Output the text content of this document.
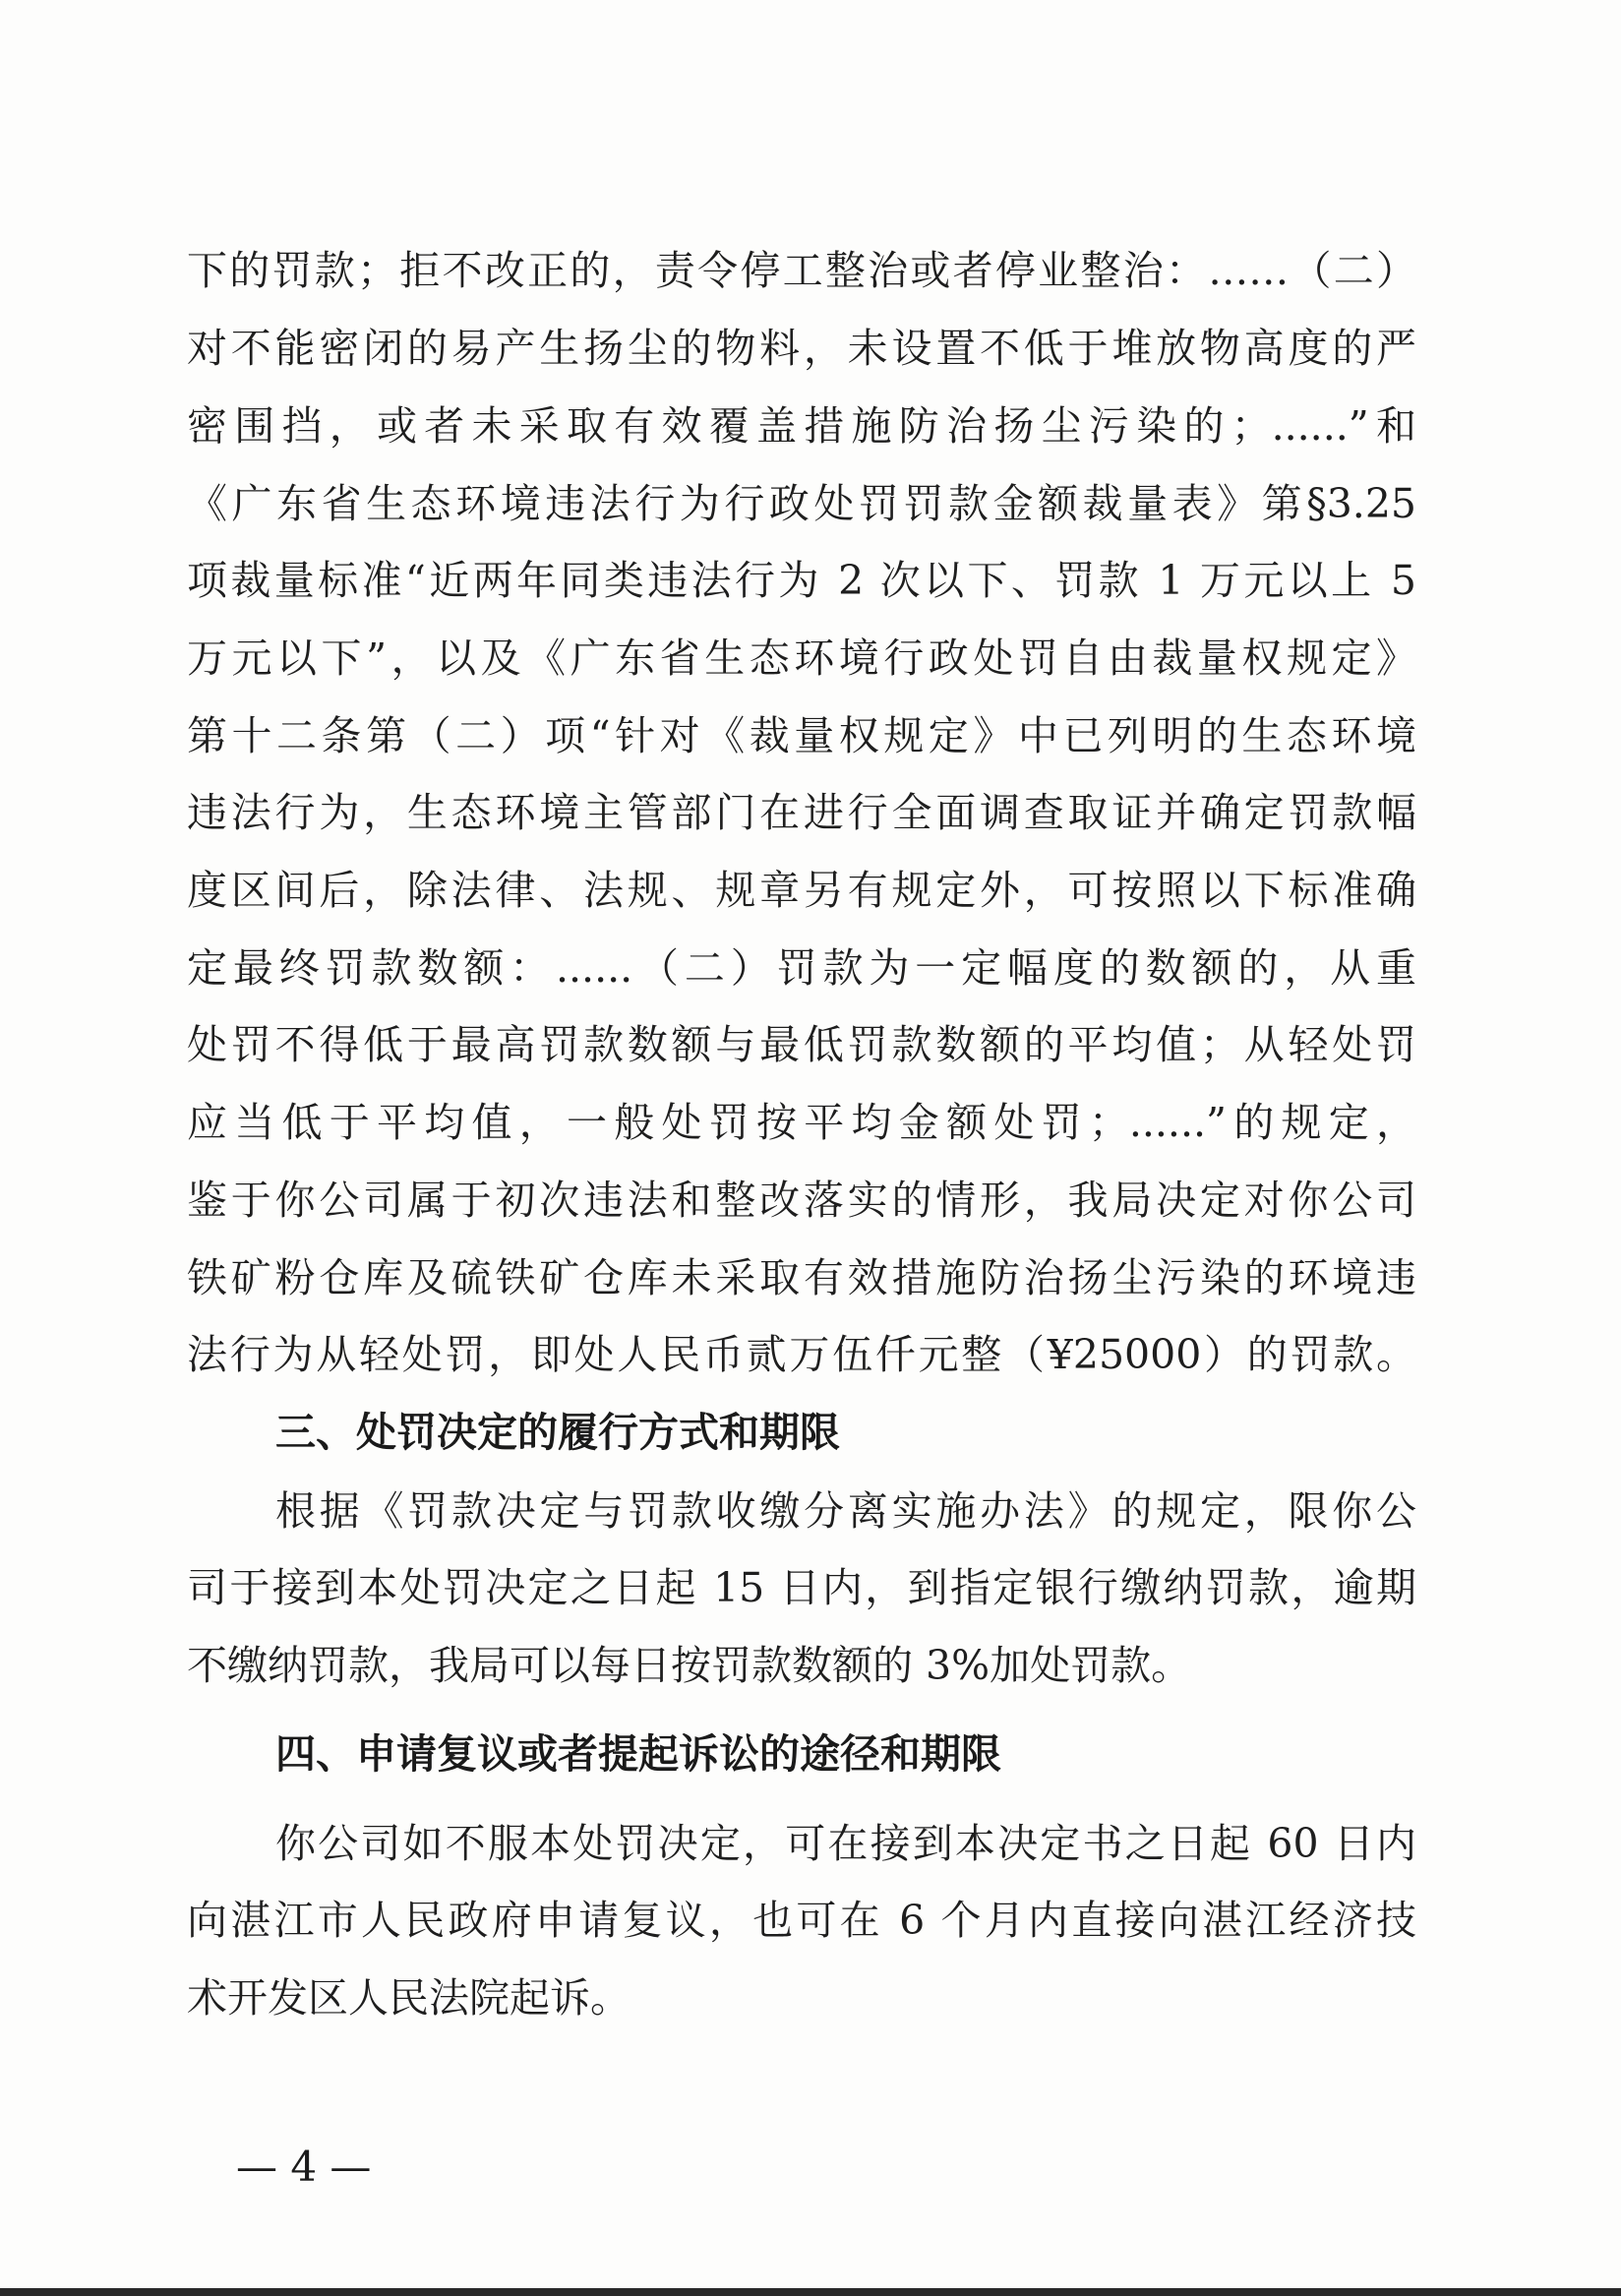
下的罚款；拒不改正的，责令停工整治或者停业整治：……（二）
对不能密闭的易产生扬尘的物料，未设置不低于堆放物高度的严
密围挡，或者未采取有效覆盖措施防治扬尘污染的；......”和
《广东省生态环境违法行为行政处罚罚款金额裁量表》第§3.25
项裁量标准“近两年同类违法行为 2 次以下、罚款 1 万元以上 5
万元以下”，以及《广东省生态环境行政处罚自由裁量权规定》
第十二条第（二）项“针对《裁量权规定》中已列明的生态环境
违法行为，生态环境主管部门在进行全面调查取证并确定罚款幅
度区间后，除法律、法规、规章另有规定外，可按照以下标准确
定最终罚款数额：......（二）罚款为一定幅度的数额的，从重
处罚不得低于最高罚款数额与最低罚款数额的平均值；从轻处罚
应当低于平均值，一般处罚按平均金额处罚；......”的规定，
鉴于你公司属于初次违法和整改落实的情形，我局决定对你公司
铁矿粉仓库及硫铁矿仓库未采取有效措施防治扬尘污染的环境违
法行为从轻处罚，即处人民币贰万伍仟元整（¥25000）的罚款。
三、处罚决定的履行方式和期限
根据《罚款决定与罚款收缴分离实施办法》的规定，限你公
司于接到本处罚决定之日起 15 日内，到指定银行缴纳罚款，逾期
不缴纳罚款，我局可以每日按罚款数额的 3%加处罚款。
四、申请复议或者提起诉讼的途径和期限
你公司如不服本处罚决定，可在接到本决定书之日起 60 日内
向湛江市人民政府申请复议，也可在 6 个月内直接向湛江经济技
术开发区人民法院起诉。
— 4 —
